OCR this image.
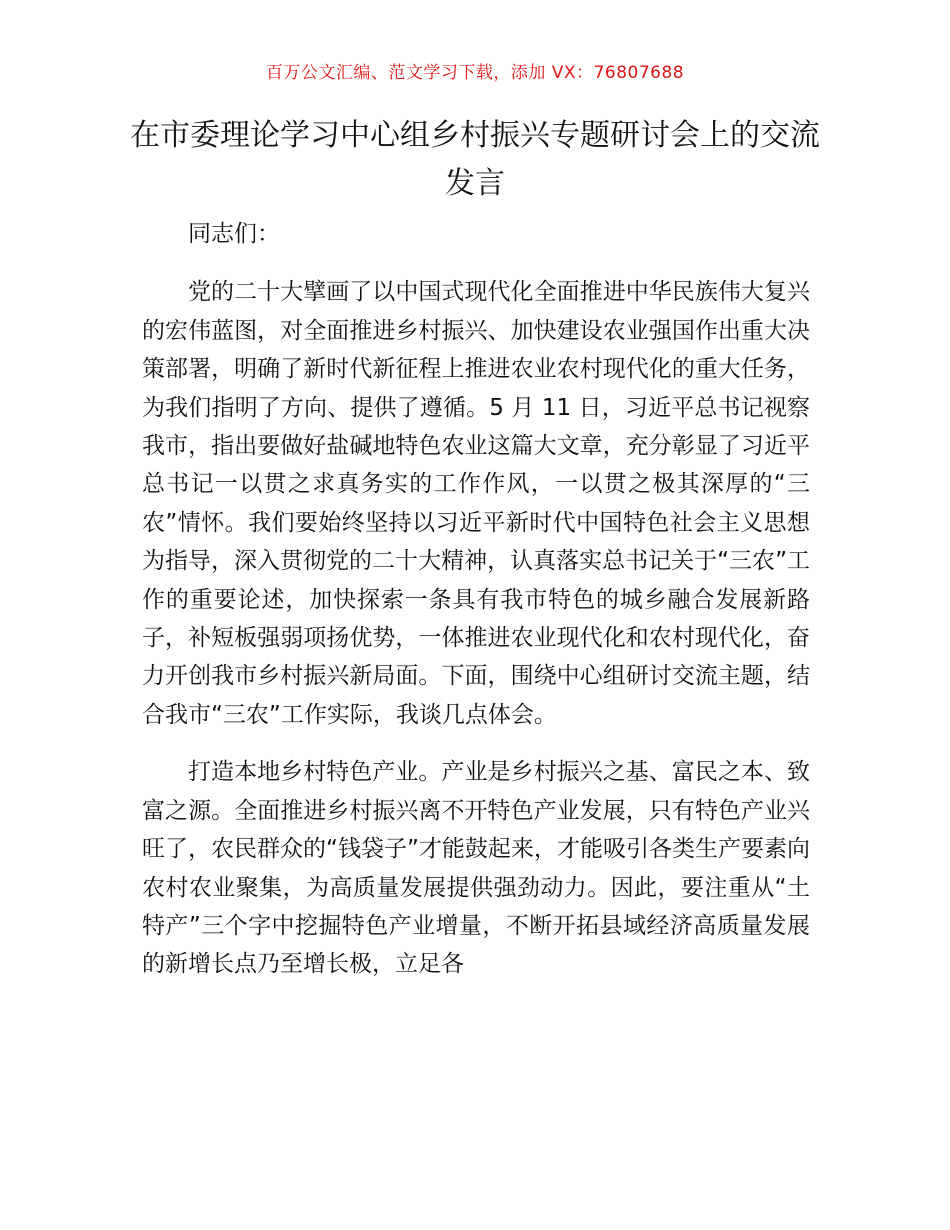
百万公文汇编、范文学习下载，添加 VX：76807688
在市委理论学习中心组乡村振兴专题研讨会上的交流发言

同志们：

党的二十大擘画了以中国式现代化全面推进中华民族伟大复兴的宏伟蓝图，对全面推进乡村振兴、加快建设农业强国作出重大决策部署，明确了新时代新征程上推进农业农村现代化的重大任务，为我们指明了方向、提供了遵循。5 月 11 日，习近平总书记视察我市，指出要做好盐碱地特色农业这篇大文章，充分彰显了习近平总书记一以贯之求真务实的工作作风，一以贯之极其深厚的“三农”情怀。我们要始终坚持以习近平新时代中国特色社会主义思想为指导，深入贯彻党的二十大精神，认真落实总书记关于“三农”工作的重要论述，加快探索一条具有我市特色的城乡融合发展新路子，补短板强弱项扬优势，一体推进农业现代化和农村现代化，奋力开创我市乡村振兴新局面。下面，围绕中心组研讨交流主题，结合我市“三农”工作实际，我谈几点体会。

打造本地乡村特色产业。产业是乡村振兴之基、富民之本、致富之源。全面推进乡村振兴离不开特色产业发展，只有特色产业兴旺了，农民群众的“钱袋子”才能鼓起来，才能吸引各类生产要素向农村农业聚集，为高质量发展提供强劲动力。因此，要注重从“土特产”三个字中挖掘特色产业增量，不断开拓县域经济高质量发展的新增长点乃至增长极，立足各
